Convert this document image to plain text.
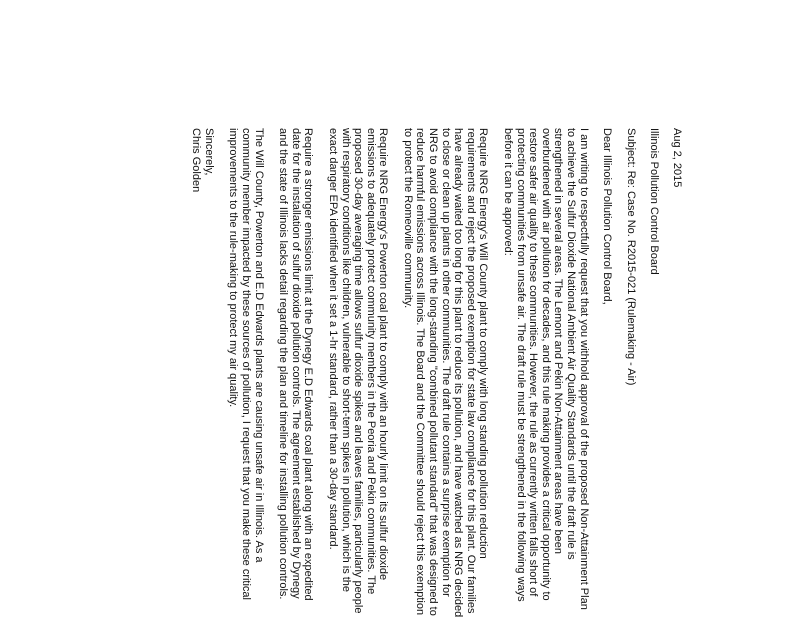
Aug 2, 2015

Illinois Pollution Control Board

Subject: Re: Case No. R2015-021 (Rulemaking - Air)

Dear Illinois Pollution Control Board,

I am writing to respectfully request that you withhold approval of the proposed Non-Attainment Plan to achieve the Sulfur Dioxide National Ambient Air Quality Standards until the draft rule is strengthened in several areas. The Lemont and Pekin Non-Attainment areas have been overburdened with air pollution for decades, and this rule making provides a critical opportunity to restore safer air quality to these communities. However, the rule as currently written falls short of protecting communities from unsafe air. The draft rule must be strengthened in the following ways before it can be approved:

Require NRG Energy's Will County plant to comply with long standing pollution reduction requirements and reject the proposed exemption for state law compliance for this plant. Our families have already waited too long for this plant to reduce its pollution, and have watched as NRG decided to close or clean up plants in other communities. The draft rule contains a surprise exemption for NRG to avoid compliance with the long-standing "combined pollutant standard" that was designed to reduce harmful emissions across Illinois. The Board and the Committee should reject this exemption to protect the Romeoville community.

Require NRG Energy's Powerton coal plant to comply with an hourly limit on its sulfur dioxide emissions to adequately protect community members in the Peoria and Pekin communities. The proposed 30-day averaging time allows sulfur dioxide spikes and leaves families, particularly people with respiratory conditions like children, vulnerable to short-term spikes in pollution, which is the exact danger EPA identified when it set a 1-hr standard, rather than a 30-day standard.

Require a stronger emissions limit at the Dynegy E.D Edwards coal plant along with an expedited date for the installation of sulfur dioxide pollution controls. The agreement established by Dynegy and the state of Illinois lacks detail regarding the plan and timeline for installing pollution controls.

The Will County, Powerton and E.D Edwards plants are causing unsafe air in Illinois. As a community member impacted by these sources of pollution, I request that you make these critical improvements to the rule-making to protect my air quality.

Sincerely,
Chris Golden
